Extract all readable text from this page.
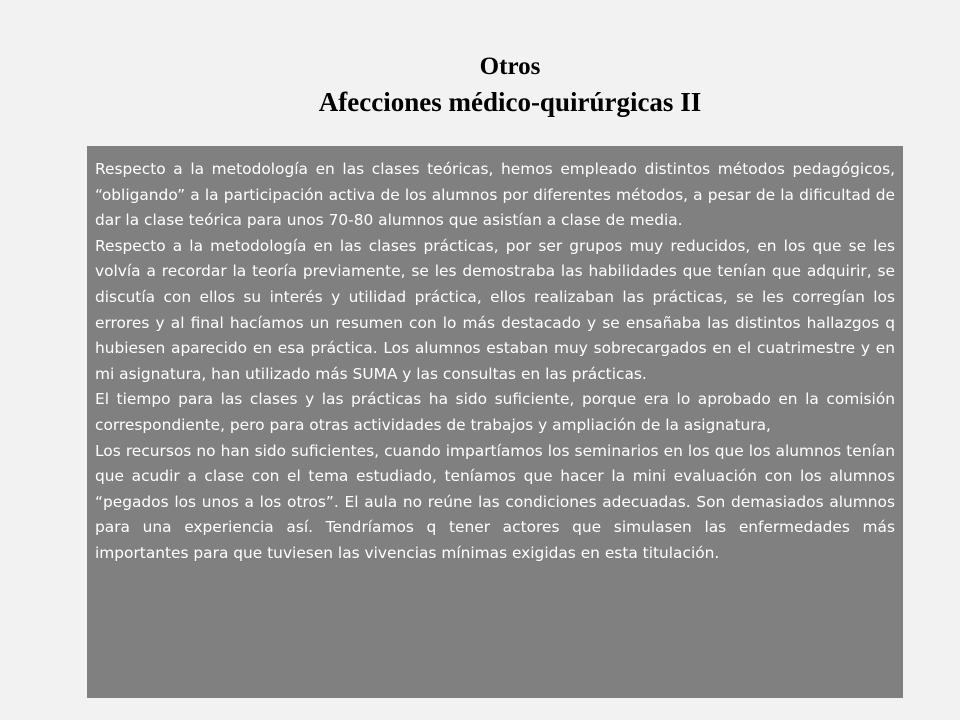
Otros
Afecciones médico-quirúrgicas II

Respecto a la metodología en las clases teóricas, hemos empleado distintos métodos pedagógicos, “obligando” a la participación activa de los alumnos por diferentes métodos, a pesar de la dificultad de dar la clase teórica para unos 70-80 alumnos que asistían a clase de media.

Respecto a la metodología en las clases prácticas, por ser grupos muy reducidos, en los que se les volvía a recordar la teoría previamente, se les demostraba las habilidades que tenían que adquirir, se discutía con ellos su interés y utilidad práctica, ellos realizaban las prácticas, se les corregían los errores y al final hacíamos un resumen con lo más destacado y se ensañaba las distintos hallazgos q hubiesen aparecido en esa práctica. Los alumnos estaban muy sobrecargados en el cuatrimestre y en mi asignatura, han utilizado más SUMA y las consultas en las prácticas.

El tiempo para las clases y las prácticas ha sido suficiente, porque era lo aprobado en la comisión correspondiente, pero para otras actividades de trabajos y ampliación de la asignatura,

Los recursos no han sido suficientes, cuando impartíamos los seminarios en los que los alumnos tenían que acudir a clase con el tema estudiado, teníamos que hacer la mini evaluación con los alumnos “pegados los unos a los otros”. El aula no reúne las condiciones adecuadas. Son demasiados alumnos para una experiencia así. Tendríamos q tener actores que simulasen las enfermedades más importantes para que tuviesen las vivencias mínimas exigidas en esta titulación.
